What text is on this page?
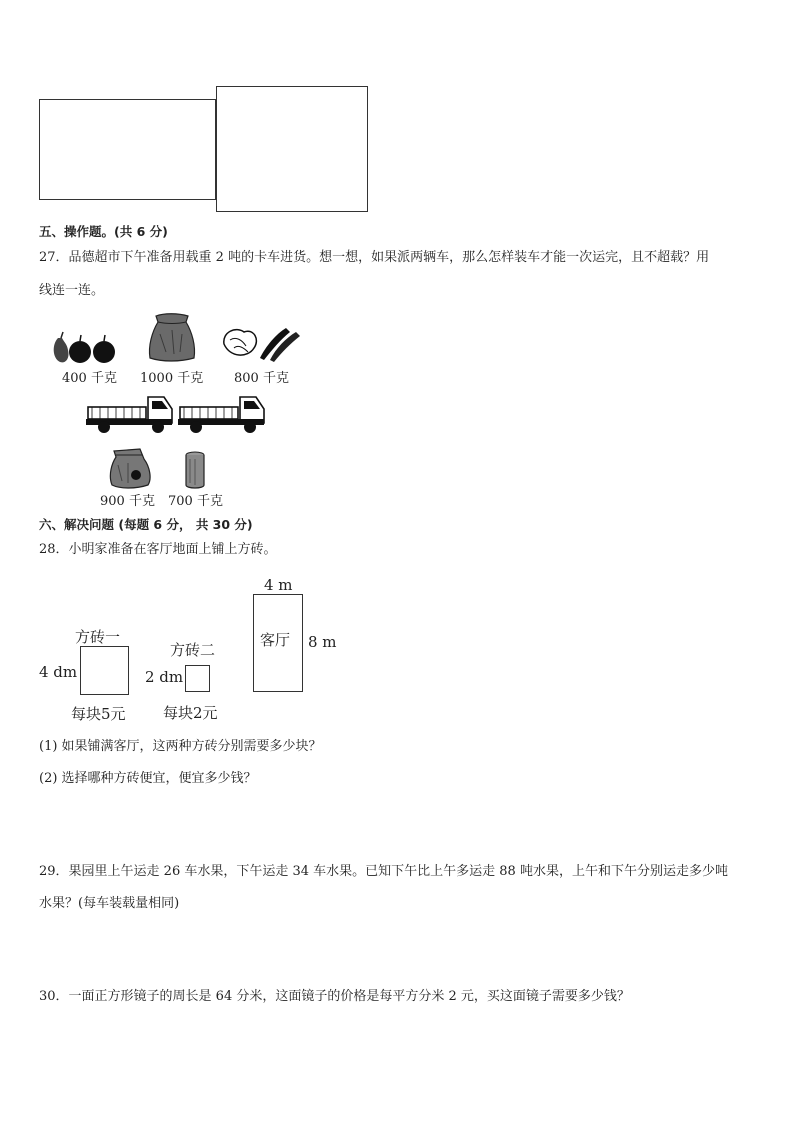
五、操作题。(共 6 分)
27．品德超市下午准备用载重 2 吨的卡车进货。想一想，如果派两辆车，那么怎样装车才能一次运完，且不超载？用
线连一连。
400 千克 1000 千克 800 千克
900 千克 700 千克
六、解决问题 (每题 6 分， 共 30 分)
28．小明家准备在客厅地面上铺上方砖。
方砖一
4 dm
每块5元
方砖二
2 dm
每块2元
4 m
客厅 8 m
(1) 如果铺满客厅，这两种方砖分别需要多少块？
(2) 选择哪种方砖便宜，便宜多少钱？
29．果园里上午运走 26 车水果，下午运走 34 车水果。已知下午比上午多运走 88 吨水果，上午和下午分别运走多少吨
水果？(每车装载量相同)
30．一面正方形镜子的周长是 64 分米，这面镜子的价格是每平方分米 2 元，买这面镜子需要多少钱？
